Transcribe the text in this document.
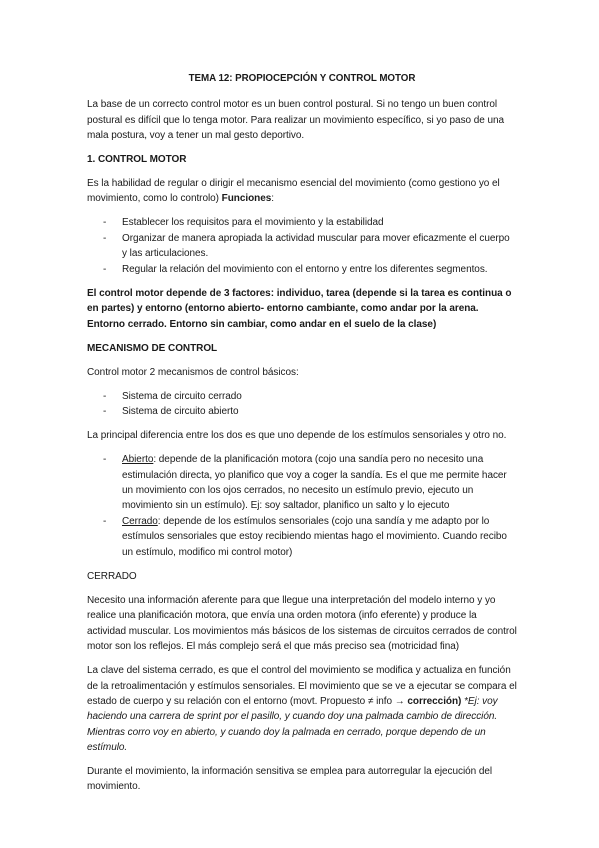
TEMA 12: PROPIOCEPCIÓN Y CONTROL MOTOR

La base de un correcto control motor es un buen control postural. Si no tengo un buen control postural es difícil que lo tenga motor. Para realizar un movimiento específico, si yo paso de una mala postura, voy a tener un mal gesto deportivo.

1. CONTROL MOTOR

Es la habilidad de regular o dirigir el mecanismo esencial del movimiento (como gestiono yo el movimiento, como lo controlo) Funciones:

- Establecer los requisitos para el movimiento y la estabilidad
- Organizar de manera apropiada la actividad muscular para mover eficazmente el cuerpo y las articulaciones.
- Regular la relación del movimiento con el entorno y entre los diferentes segmentos.

El control motor depende de 3 factores: individuo, tarea (depende si la tarea es continua o en partes) y entorno (entorno abierto- entorno cambiante, como andar por la arena. Entorno cerrado. Entorno sin cambiar, como andar en el suelo de la clase)

MECANISMO DE CONTROL

Control motor 2 mecanismos de control básicos:

- Sistema de circuito cerrado
- Sistema de circuito abierto

La principal diferencia entre los dos es que uno depende de los estímulos sensoriales y otro no.

- Abierto: depende de la planificación motora (cojo una sandía pero no necesito una estimulación directa, yo planifico que voy a coger la sandía. Es el que me permite hacer un movimiento con los ojos cerrados, no necesito un estímulo previo, ejecuto un movimiento sin un estímulo). Ej: soy saltador, planifico un salto y lo ejecuto
- Cerrado: depende de los estímulos sensoriales (cojo una sandía y me adapto por lo estímulos sensoriales que estoy recibiendo mientas hago el movimiento. Cuando recibo un estímulo, modifico mi control motor)
CERRADO

Necesito una información aferente para que llegue una interpretación del modelo interno y yo realice una planificación motora, que envía una orden motora (info eferente) y produce la actividad muscular. Los movimientos más básicos de los sistemas de circuitos cerrados de control motor son los reflejos. El más complejo será el que más preciso sea (motricidad fina)

La clave del sistema cerrado, es que el control del movimiento se modifica y actualiza en función de la retroalimentación y estímulos sensoriales. El movimiento que se ve a ejecutar se compara el estado de cuerpo y su relación con el entorno (movt. Propuesto ≠ info → corrección) *Ej: voy haciendo una carrera de sprint por el pasillo, y cuando doy una palmada cambio de dirección. Mientras corro voy en abierto, y cuando doy la palmada en cerrado, porque dependo de un estímulo.

Durante el movimiento, la información sensitiva se emplea para autorregular la ejecución del movimiento.
